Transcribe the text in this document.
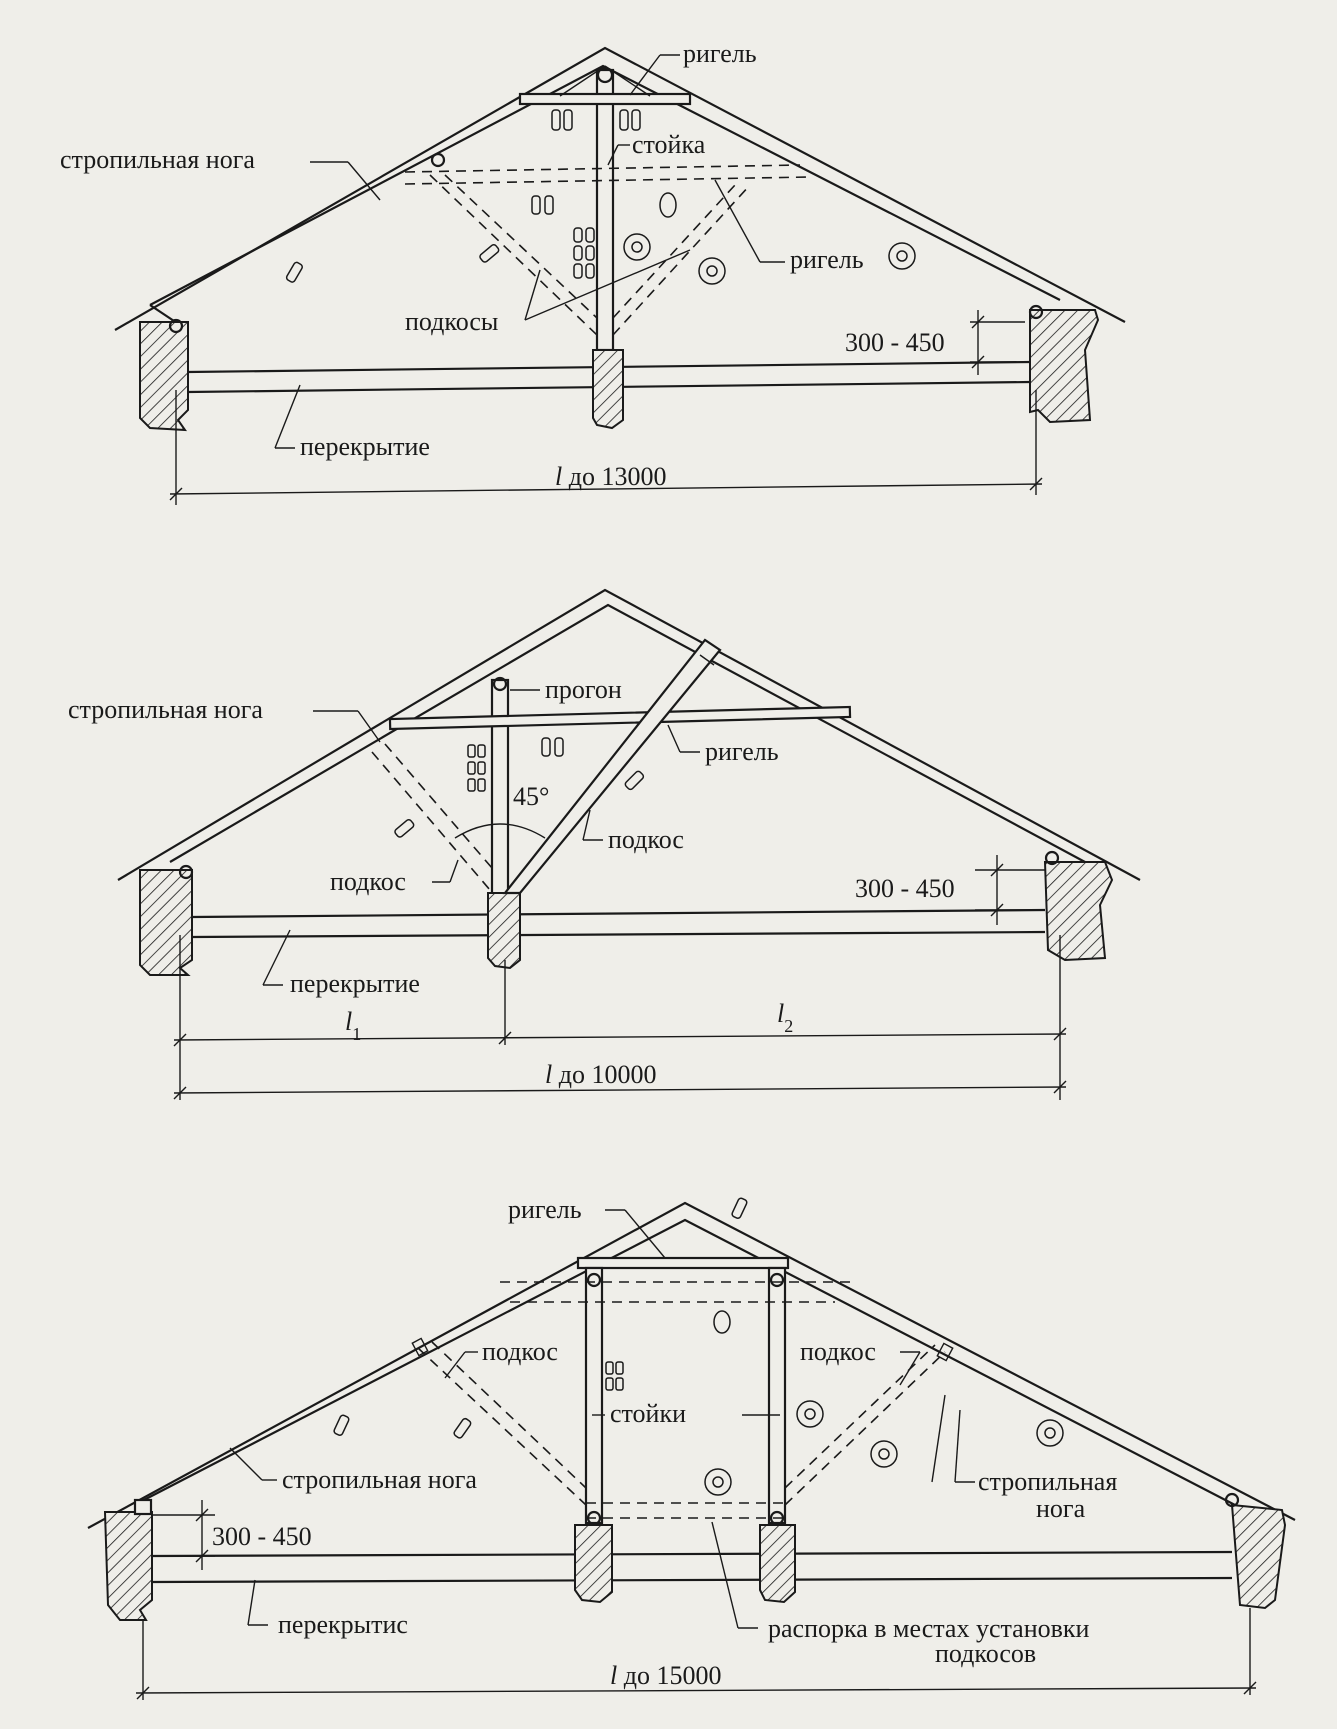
ригель
стропильная нога
стойка
ригель
подкосы
300 - 450
перекрытие
l до 13000
прогон
стропильная нога
ригель
45°
подкос
подкос	300 - 450
перекрытие
$l_1$
$l_2$
l до 10000
ригель
подкос	подкос
стойки
стропильная нога	стропильная
нога
300 - 450
перекрытис	распорка в местах установки
подкосов
l до 15000
